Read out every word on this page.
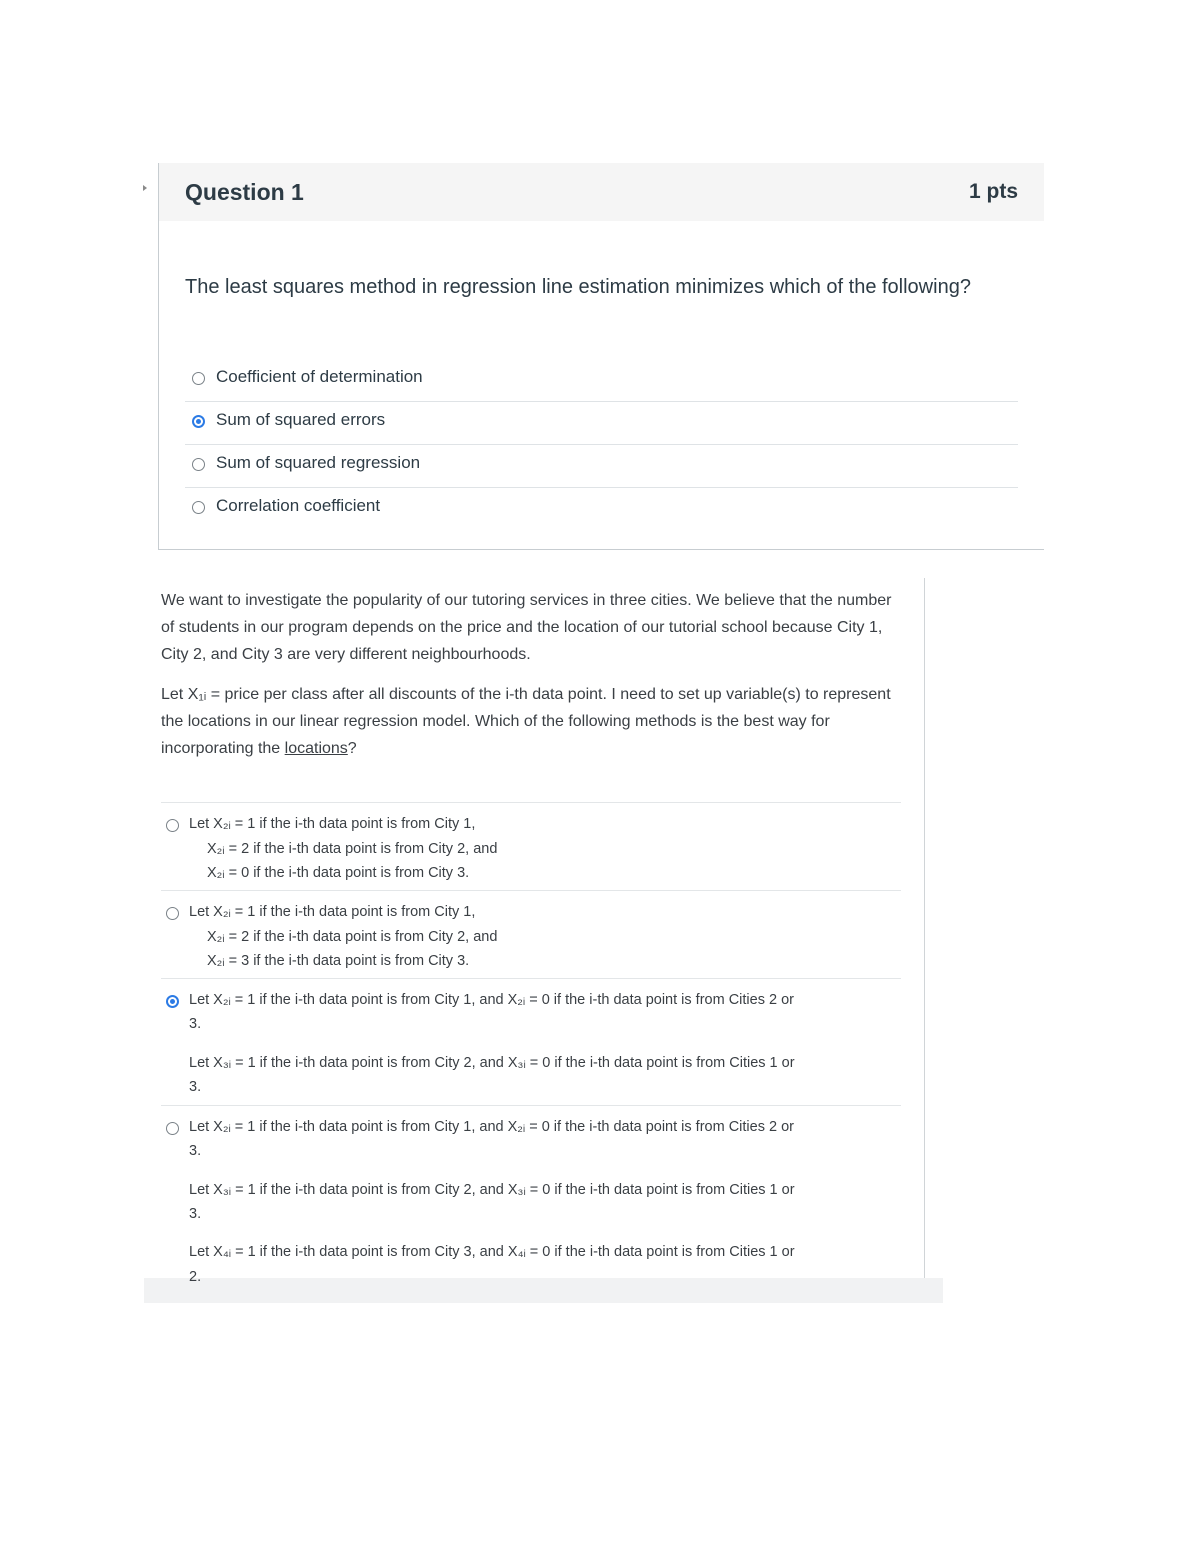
Question 1	1 pts
The least squares method in regression line estimation minimizes which of the following?
Coefficient of determination
Sum of squared errors
Sum of squared regression
Correlation coefficient

We want to investigate the popularity of our tutoring services in three cities. We believe that the number of students in our program depends on the price and the location of our tutorial school because City 1, City 2, and City 3 are very different neighbourhoods.

Let X₁ᵢ = price per class after all discounts of the i-th data point. I need to set up variable(s) to represent the locations in our linear regression model. Which of the following methods is the best way for incorporating the locations?

Let X₂ᵢ = 1 if the i-th data point is from City 1,
X₂ᵢ = 2 if the i-th data point is from City 2, and
X₂ᵢ = 0 if the i-th data point is from City 3.
Let X₂ᵢ = 1 if the i-th data point is from City 1,
X₂ᵢ = 2 if the i-th data point is from City 2, and
X₂ᵢ = 3 if the i-th data point is from City 3.
Let X₂ᵢ = 1 if the i-th data point is from City 1, and X₂ᵢ = 0 if the i-th data point is from Cities 2 or
3.
Let X₃ᵢ = 1 if the i-th data point is from City 2, and X₃ᵢ = 0 if the i-th data point is from Cities 1 or
3.
Let X₂ᵢ = 1 if the i-th data point is from City 1, and X₂ᵢ = 0 if the i-th data point is from Cities 2 or
3.
Let X₃ᵢ = 1 if the i-th data point is from City 2, and X₃ᵢ = 0 if the i-th data point is from Cities 1 or
3.
Let X₄ᵢ = 1 if the i-th data point is from City 3, and X₄ᵢ = 0 if the i-th data point is from Cities 1 or
2.
